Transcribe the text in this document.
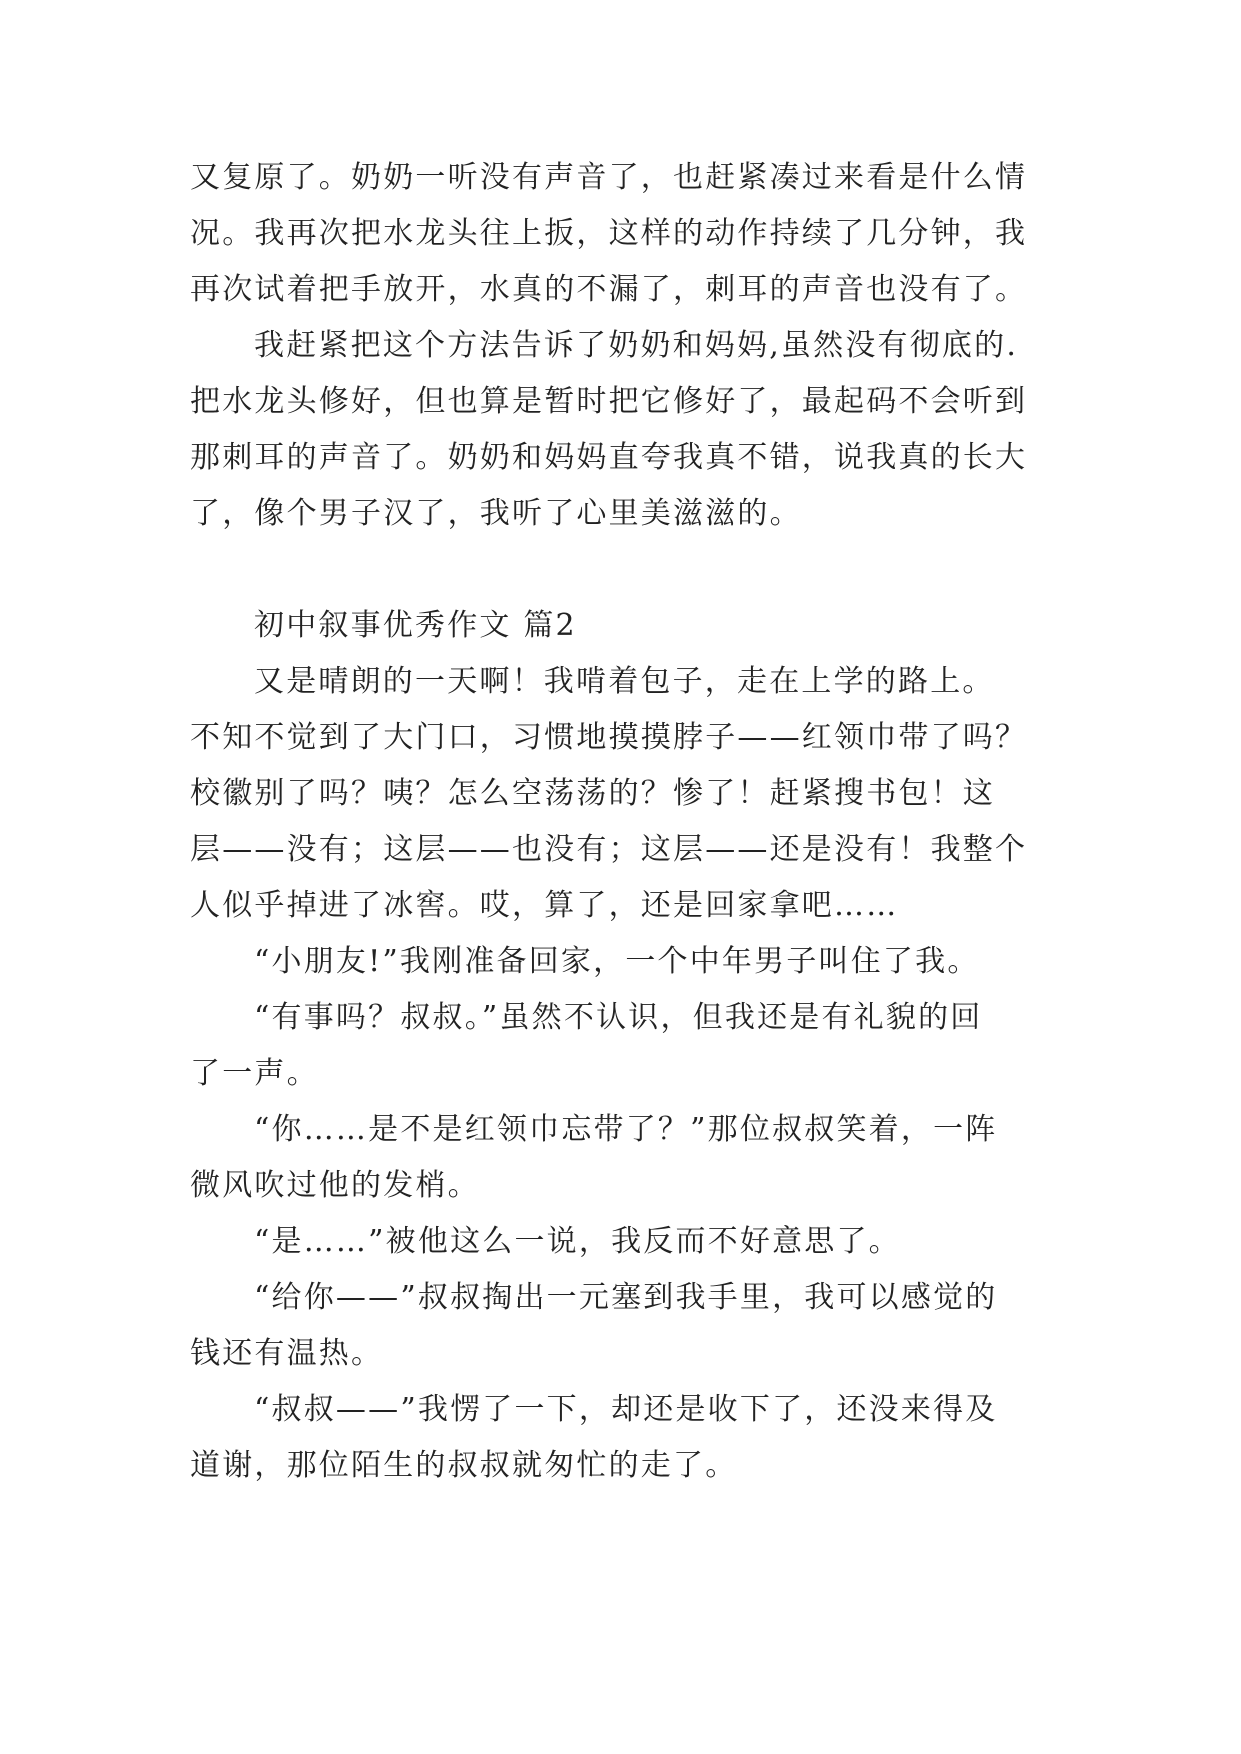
又复原了。奶奶一听没有声音了，也赶紧凑过来看是什么情
况。我再次把水龙头往上扳，这样的动作持续了几分钟，我
再次试着把手放开，水真的不漏了，刺耳的声音也没有了。
我赶紧把这个方法告诉了奶奶和妈妈,虽然没有彻底的.
把水龙头修好，但也算是暂时把它修好了，最起码不会听到
那刺耳的声音了。奶奶和妈妈直夸我真不错，说我真的长大
了，像个男子汉了，我听了心里美滋滋的。
初中叙事优秀作文 篇2
又是晴朗的一天啊！我啃着包子，走在上学的路上。
不知不觉到了大门口，习惯地摸摸脖子——红领巾带了吗？
校徽别了吗？咦？怎么空荡荡的？惨了！赶紧搜书包！这
层——没有；这层——也没有；这层——还是没有！我整个
人似乎掉进了冰窖。哎，算了，还是回家拿吧……
“小朋友!”我刚准备回家，一个中年男子叫住了我。
“有事吗？叔叔。”虽然不认识，但我还是有礼貌的回
了一声。
“你……是不是红领巾忘带了？”那位叔叔笑着，一阵
微风吹过他的发梢。
“是……”被他这么一说，我反而不好意思了。
“给你——”叔叔掏出一元塞到我手里，我可以感觉的
钱还有温热。
“叔叔——”我愣了一下，却还是收下了，还没来得及
道谢，那位陌生的叔叔就匆忙的走了。
